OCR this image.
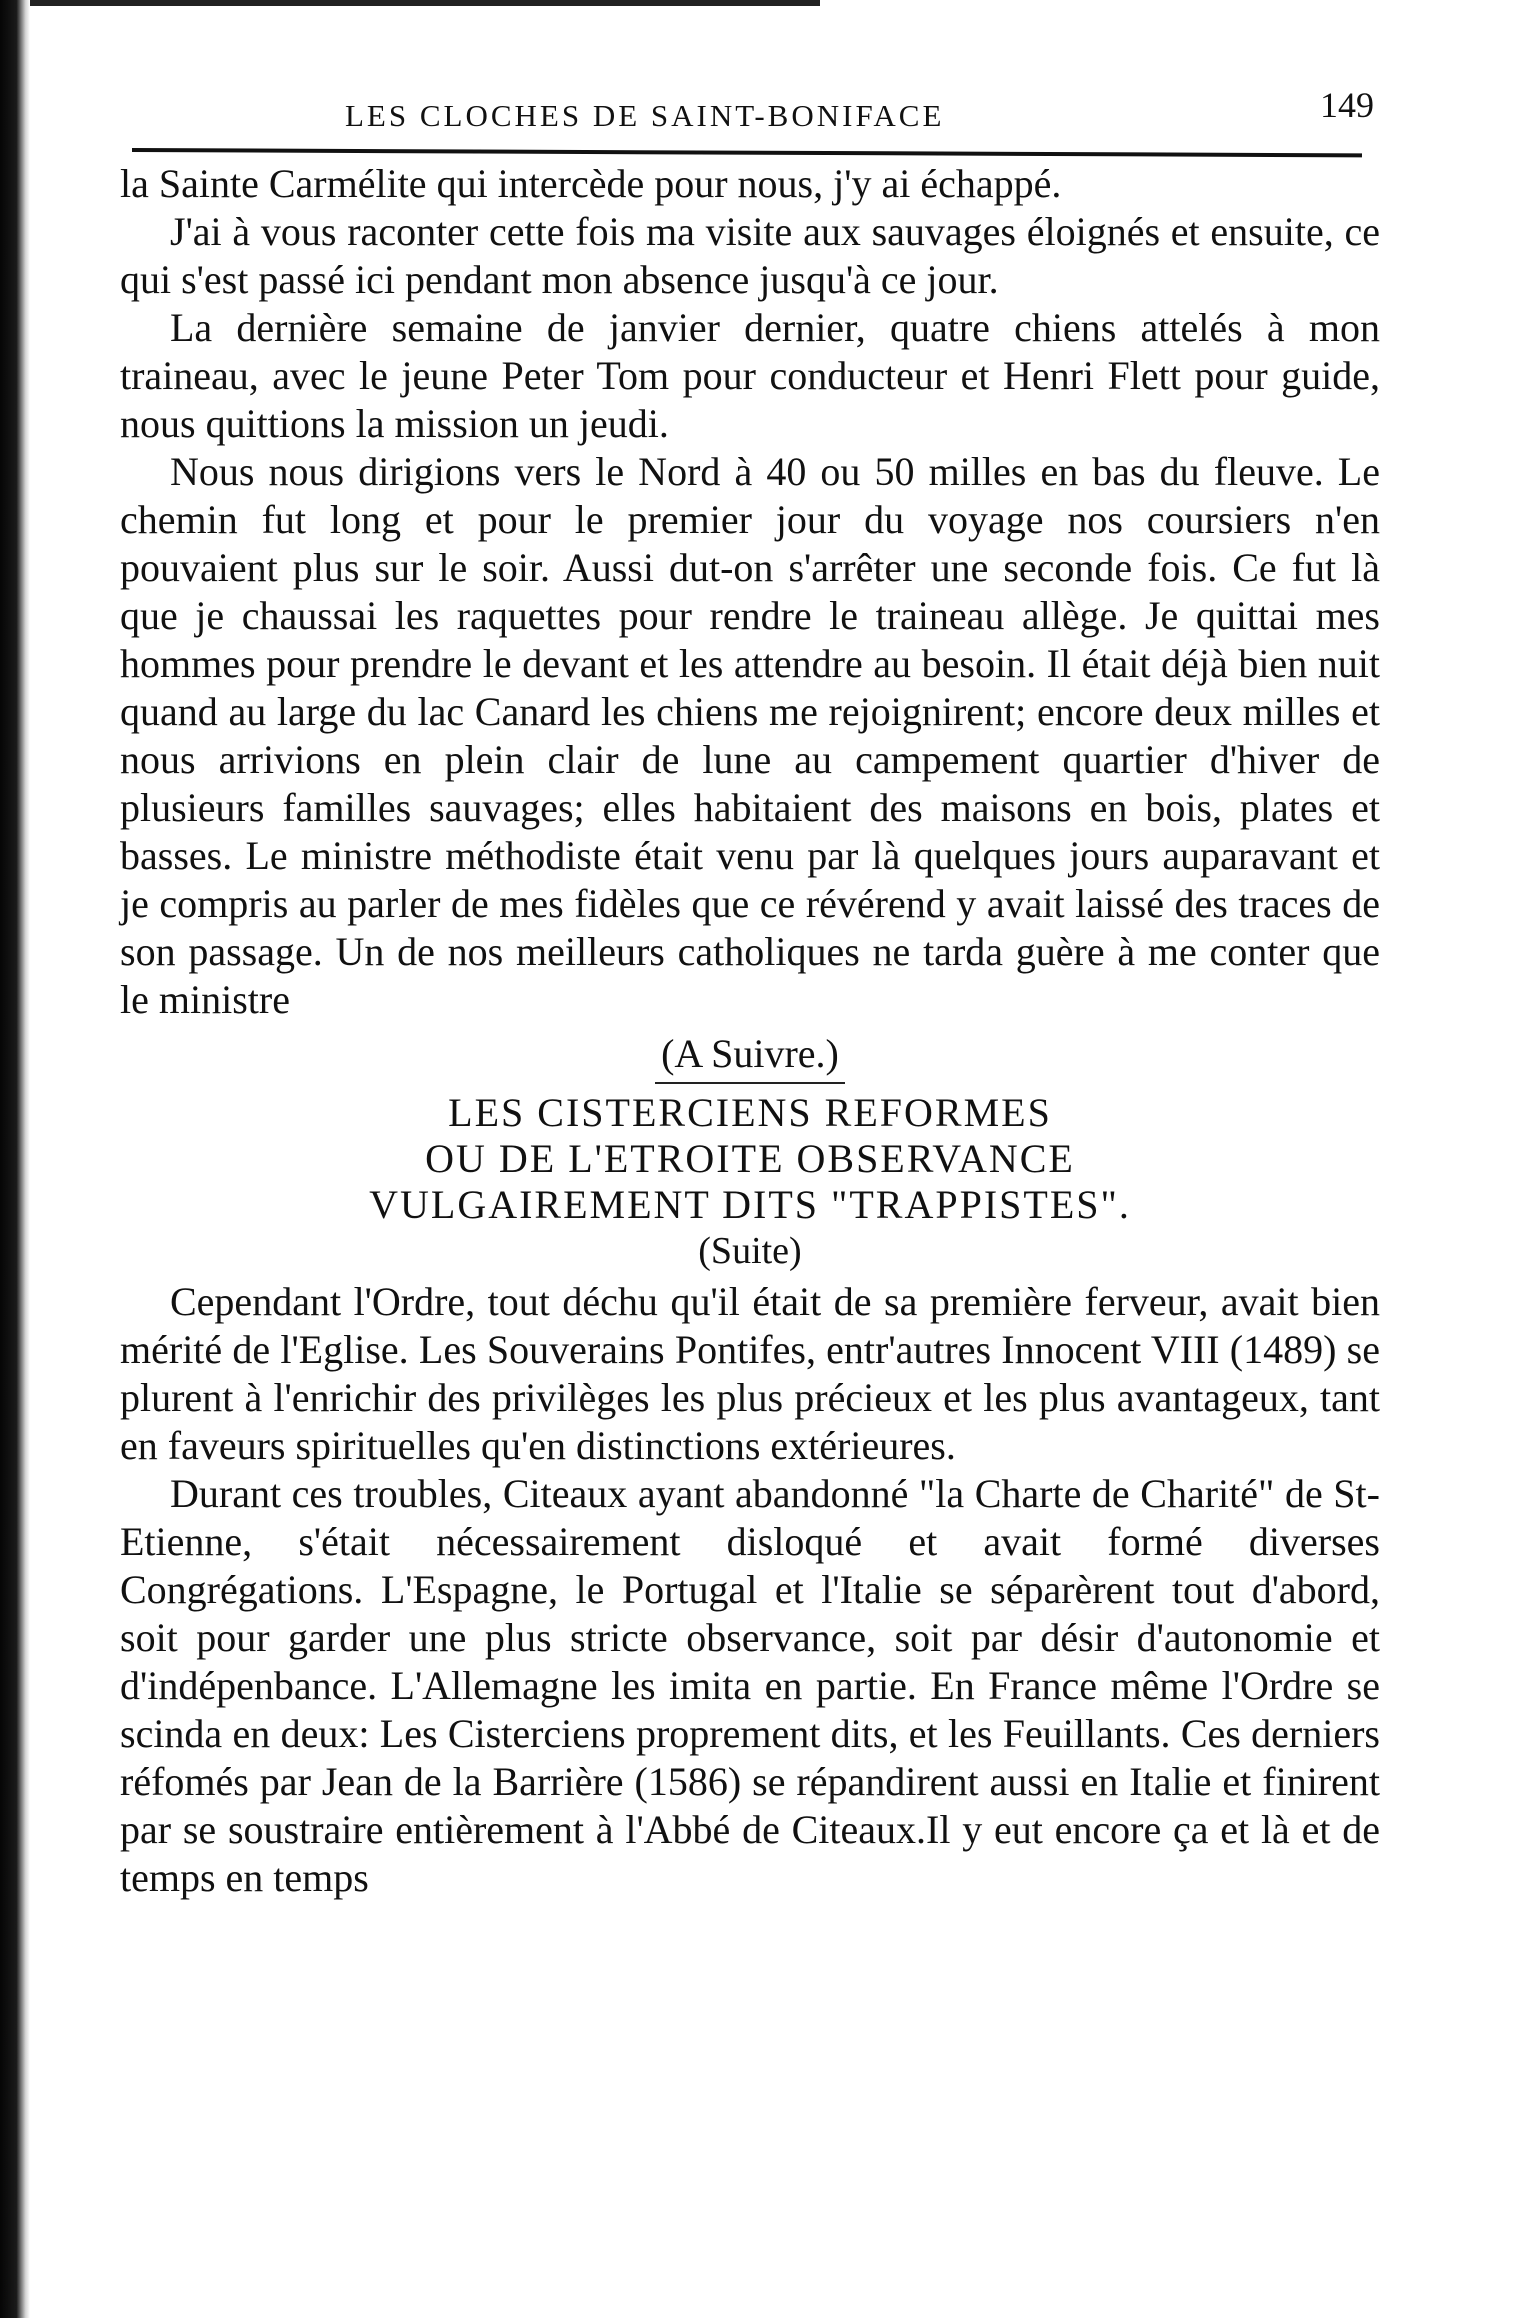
LES CLOCHES DE SAINT-BONIFACE	149

la Sainte Carmélite qui intercède pour nous, j'y ai échappé.

J'ai à vous raconter cette fois ma visite aux sauvages éloignés et ensuite, ce qui s'est passé ici pendant mon absence jusqu'à ce jour.

La dernière semaine de janvier dernier, quatre chiens attelés à mon traineau, avec le jeune Peter Tom pour conducteur et Henri Flett pour guide, nous quittions la mission un jeudi.

Nous nous dirigions vers le Nord à 40 ou 50 milles en bas du fleuve. Le chemin fut long et pour le premier jour du voyage nos coursiers n'en pouvaient plus sur le soir. Aussi dut-on s'arrêter une seconde fois. Ce fut là que je chaussai les raquettes pour rendre le traineau allège. Je quittai mes hommes pour prendre le devant et les attendre au besoin. Il était déjà bien nuit quand au large du lac Canard les chiens me rejoignirent; encore deux milles et nous arrivions en plein clair de lune au campement quartier d'hiver de plusieurs familles sauvages; elles habitaient des maisons en bois, plates et basses. Le ministre méthodiste était venu par là quelques jours auparavant et je compris au parler de mes fidèles que ce révérend y avait laissé des traces de son passage. Un de nos meilleurs catholiques ne tarda guère à me conter que le ministre

(A Suivre.)

LES CISTERCIENS REFORMES

OU DE L'ETROITE OBSERVANCE

VULGAIREMENT DITS "TRAPPISTES".

(Suite)

Cependant l'Ordre, tout déchu qu'il était de sa première ferveur, avait bien mérité de l'Eglise. Les Souverains Pontifes, entr'autres Innocent VIII (1489) se plurent à l'enrichir des privilèges les plus précieux et les plus avantageux, tant en faveurs spirituelles qu'en distinctions extérieures.

Durant ces troubles, Citeaux ayant abandonné "la Charte de Charité" de St-Etienne, s'était nécessairement disloqué et avait formé diverses Congrégations. L'Espagne, le Portugal et l'Italie se séparèrent tout d'abord, soit pour garder une plus stricte observance, soit par désir d'autonomie et d'indépenbance. L'Allemagne les imita en partie. En France même l'Ordre se scinda en deux: Les Cisterciens proprement dits, et les Feuillants. Ces derniers réfomés par Jean de la Barrière (1586) se répandirent aussi en Italie et finirent par se soustraire entièrement à l'Abbé de Citeaux.Il y eut encore ça et là et de temps en temps
